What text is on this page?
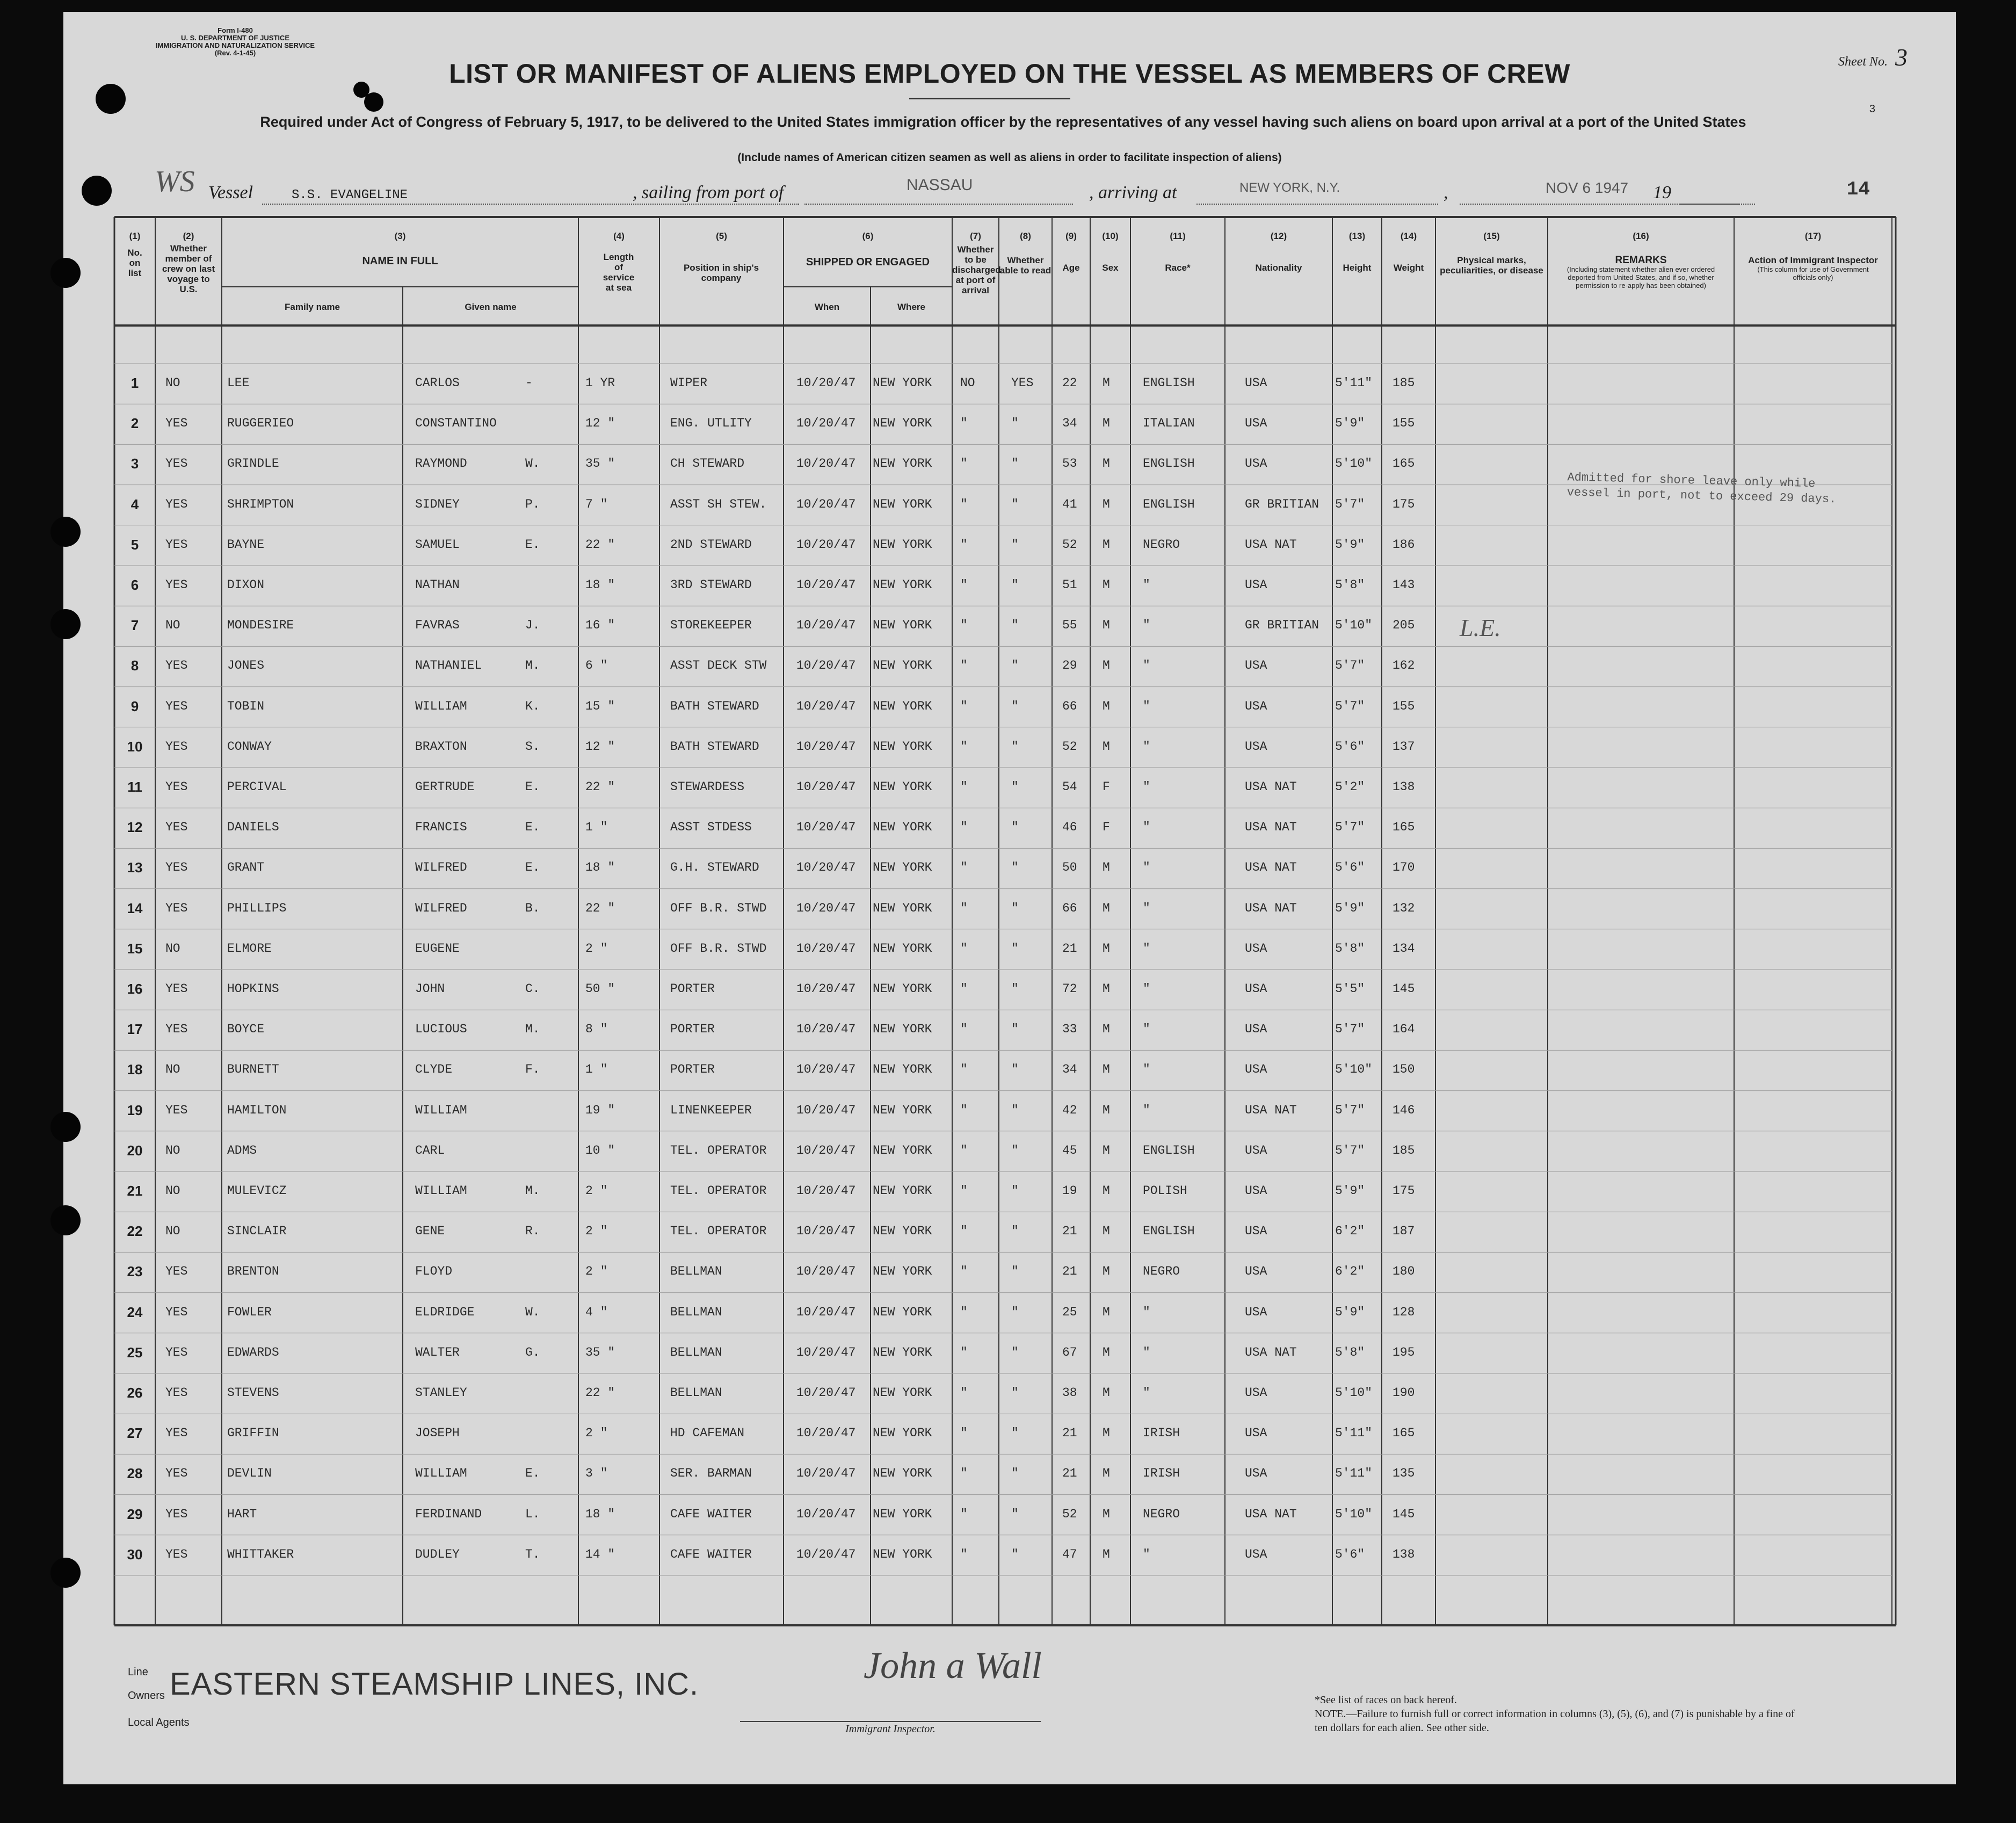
Form I-480
U. S. DEPARTMENT OF JUSTICE
IMMIGRATION AND NATURALIZATION SERVICE
(Rev. 4-1-45)
Sheet No. 3
3
LIST OR MANIFEST OF ALIENS EMPLOYED ON THE VESSEL AS MEMBERS OF CREW
Required under Act of Congress of February 5, 1917, to be delivered to the United States immigration officer by the representatives of any vessel having such aliens on board upon arrival at a port of the United States
(Include names of American citizen seamen as well as aliens in order to facilitate inspection of aliens)
WS Vessel	S.S. EVANGELINE	, sailing from port of	NASSAU	, arriving at	NEW YORK, N.Y.	,	NOV 6 1947 19	14
(1)
No. on list
(2)
Whether member of crew on last voyage to U.S.
(3)
NAME IN FULL
Family name	Given name
(4)
Length of service at sea
(5)
Position in ship's company
(6)
SHIPPED OR ENGAGED
When	Where
(7)
Whether to be discharged at port of arrival
(8)
Whether able to read
(9)
Age
(10)
Sex
(11)
Race*
(12)
Nationality
(13)
Height
(14)
Weight
(15)
Physical marks, peculiarities, or disease
(16)
REMARKS
(Including statement whether alien ever ordered deported from United States, and if so, whether permission to re-apply has been obtained)
(17)
Action of Immigrant Inspector
(This column for use of Government officials only)
1	NO	LEE	CARLOS	-	1 YR	WIPER	10/20/47 NEW YORK NO	YES 22 M	ENGLISH	USA	5'11" 185
2	YES	RUGGERIEO	CONSTANTINO	12 "	ENG. UTLITY	10/20/47 NEW YORK "	"	34 M	ITALIAN	USA	5'9" 155
3	YES	GRINDLE	RAYMOND	W.	35 "	CH STEWARD	10/20/47 NEW YORK "	"	53 M	ENGLISH	USA	5'10" 165
4	YES	SHRIMPTON	SIDNEY	P.	7 "	ASST SH STEW. 10/20/47 NEW YORK "	"	41 M	ENGLISH	GR BRITIAN 5'7" 175
5	YES	BAYNE	SAMUEL	E.	22 "	2ND STEWARD	10/20/47 NEW YORK "	"	52 M	NEGRO	USA NAT	5'9" 186
6	YES	DIXON	NATHAN	18 "	3RD STEWARD	10/20/47 NEW YORK "	"	51 M	"	USA	5'8" 143
7	NO	MONDESIRE	FAVRAS	J.	16 "	STOREKEEPER	10/20/47 NEW YORK "	"	55 M	"	GR BRITIAN 5'10" 205
8	YES	JONES	NATHANIEL	M.	6 "	ASST DECK STW 10/20/47 NEW YORK "	"	29 M	"	USA	5'7" 162
9	YES	TOBIN	WILLIAM	K.	15 "	BATH STEWARD	10/20/47 NEW YORK "	"	66 M	"	USA	5'7" 155
10	YES	CONWAY	BRAXTON	S.	12 "	BATH STEWARD	10/20/47 NEW YORK "	"	52 M	"	USA	5'6" 137
11	YES	PERCIVAL	GERTRUDE	E.	22 "	STEWARDESS	10/20/47 NEW YORK "	"	54 F	"	USA NAT	5'2" 138
12	YES	DANIELS	FRANCIS	E.	1 "	ASST STDESS	10/20/47 NEW YORK "	"	46 F	"	USA NAT	5'7" 165
13	YES	GRANT	WILFRED	E.	18 "	G.H. STEWARD	10/20/47 NEW YORK "	"	50 M	"	USA NAT	5'6" 170
14	YES	PHILLIPS	WILFRED	B.	22 "	OFF B.R. STWD 10/20/47 NEW YORK "	"	66 M	"	USA NAT	5'9" 132
15	NO	ELMORE	EUGENE	2 "	OFF B.R. STWD 10/20/47 NEW YORK "	"	21 M	"	USA	5'8" 134
16	YES	HOPKINS	JOHN	C.	50 "	PORTER	10/20/47 NEW YORK "	"	72 M	"	USA	5'5" 145
17	YES	BOYCE	LUCIOUS	M.	8 "	PORTER	10/20/47 NEW YORK "	"	33 M	"	USA	5'7" 164
18	NO	BURNETT	CLYDE	F.	1 "	PORTER	10/20/47 NEW YORK "	"	34 M	"	USA	5'10" 150
19	YES	HAMILTON	WILLIAM	19 "	LINENKEEPER	10/20/47 NEW YORK "	"	42 M	"	USA NAT	5'7" 146
20	NO	ADMS	CARL	10 "	TEL. OPERATOR 10/20/47 NEW YORK "	"	45 M	ENGLISH	USA	5'7" 185
21	NO	MULEVICZ	WILLIAM	M.	2 "	TEL. OPERATOR 10/20/47 NEW YORK "	"	19 M	POLISH	USA	5'9" 175
22	NO	SINCLAIR	GENE	R.	2 "	TEL. OPERATOR 10/20/47 NEW YORK "	"	21 M	ENGLISH	USA	6'2" 187
23	YES	BRENTON	FLOYD	2 "	BELLMAN	10/20/47 NEW YORK "	"	21 M	NEGRO	USA	6'2" 180
24	YES	FOWLER	ELDRIDGE	W.	4 "	BELLMAN	10/20/47 NEW YORK "	"	25 M	"	USA	5'9" 128
25	YES	EDWARDS	WALTER	G.	35 "	BELLMAN	10/20/47 NEW YORK "	"	67 M	"	USA NAT	5'8" 195
26	YES	STEVENS	STANLEY	22 "	BELLMAN	10/20/47 NEW YORK "	"	38 M	"	USA	5'10" 190
27	YES	GRIFFIN	JOSEPH	2 "	HD CAFEMAN	10/20/47 NEW YORK "	"	21 M	IRISH	USA	5'11" 165
28	YES	DEVLIN	WILLIAM	E.	3 "	SER. BARMAN	10/20/47 NEW YORK "	"	21 M	IRISH	USA	5'11" 135
29	YES	HART	FERDINAND	L.	18 "	CAFE WAITER	10/20/47 NEW YORK "	"	52 M	NEGRO	USA NAT	5'10" 145
30	YES	WHITTAKER	DUDLEY	T.	14 "	CAFE WAITER	10/20/47 NEW YORK "	"	47 M	"	USA	5'6" 138
Admitted for shore leave only while vessel in port, not to exceed 29 days.
L.E.
Line
Owners
Local Agents
EASTERN STEAMSHIP LINES, INC.	John a Wall
Immigrant Inspector.
*See list of races on back hereof.
NOTE.—Failure to furnish full or correct information in columns (3), (5), (6), and (7) is punishable by a fine of ten dollars for each alien. See other side.
